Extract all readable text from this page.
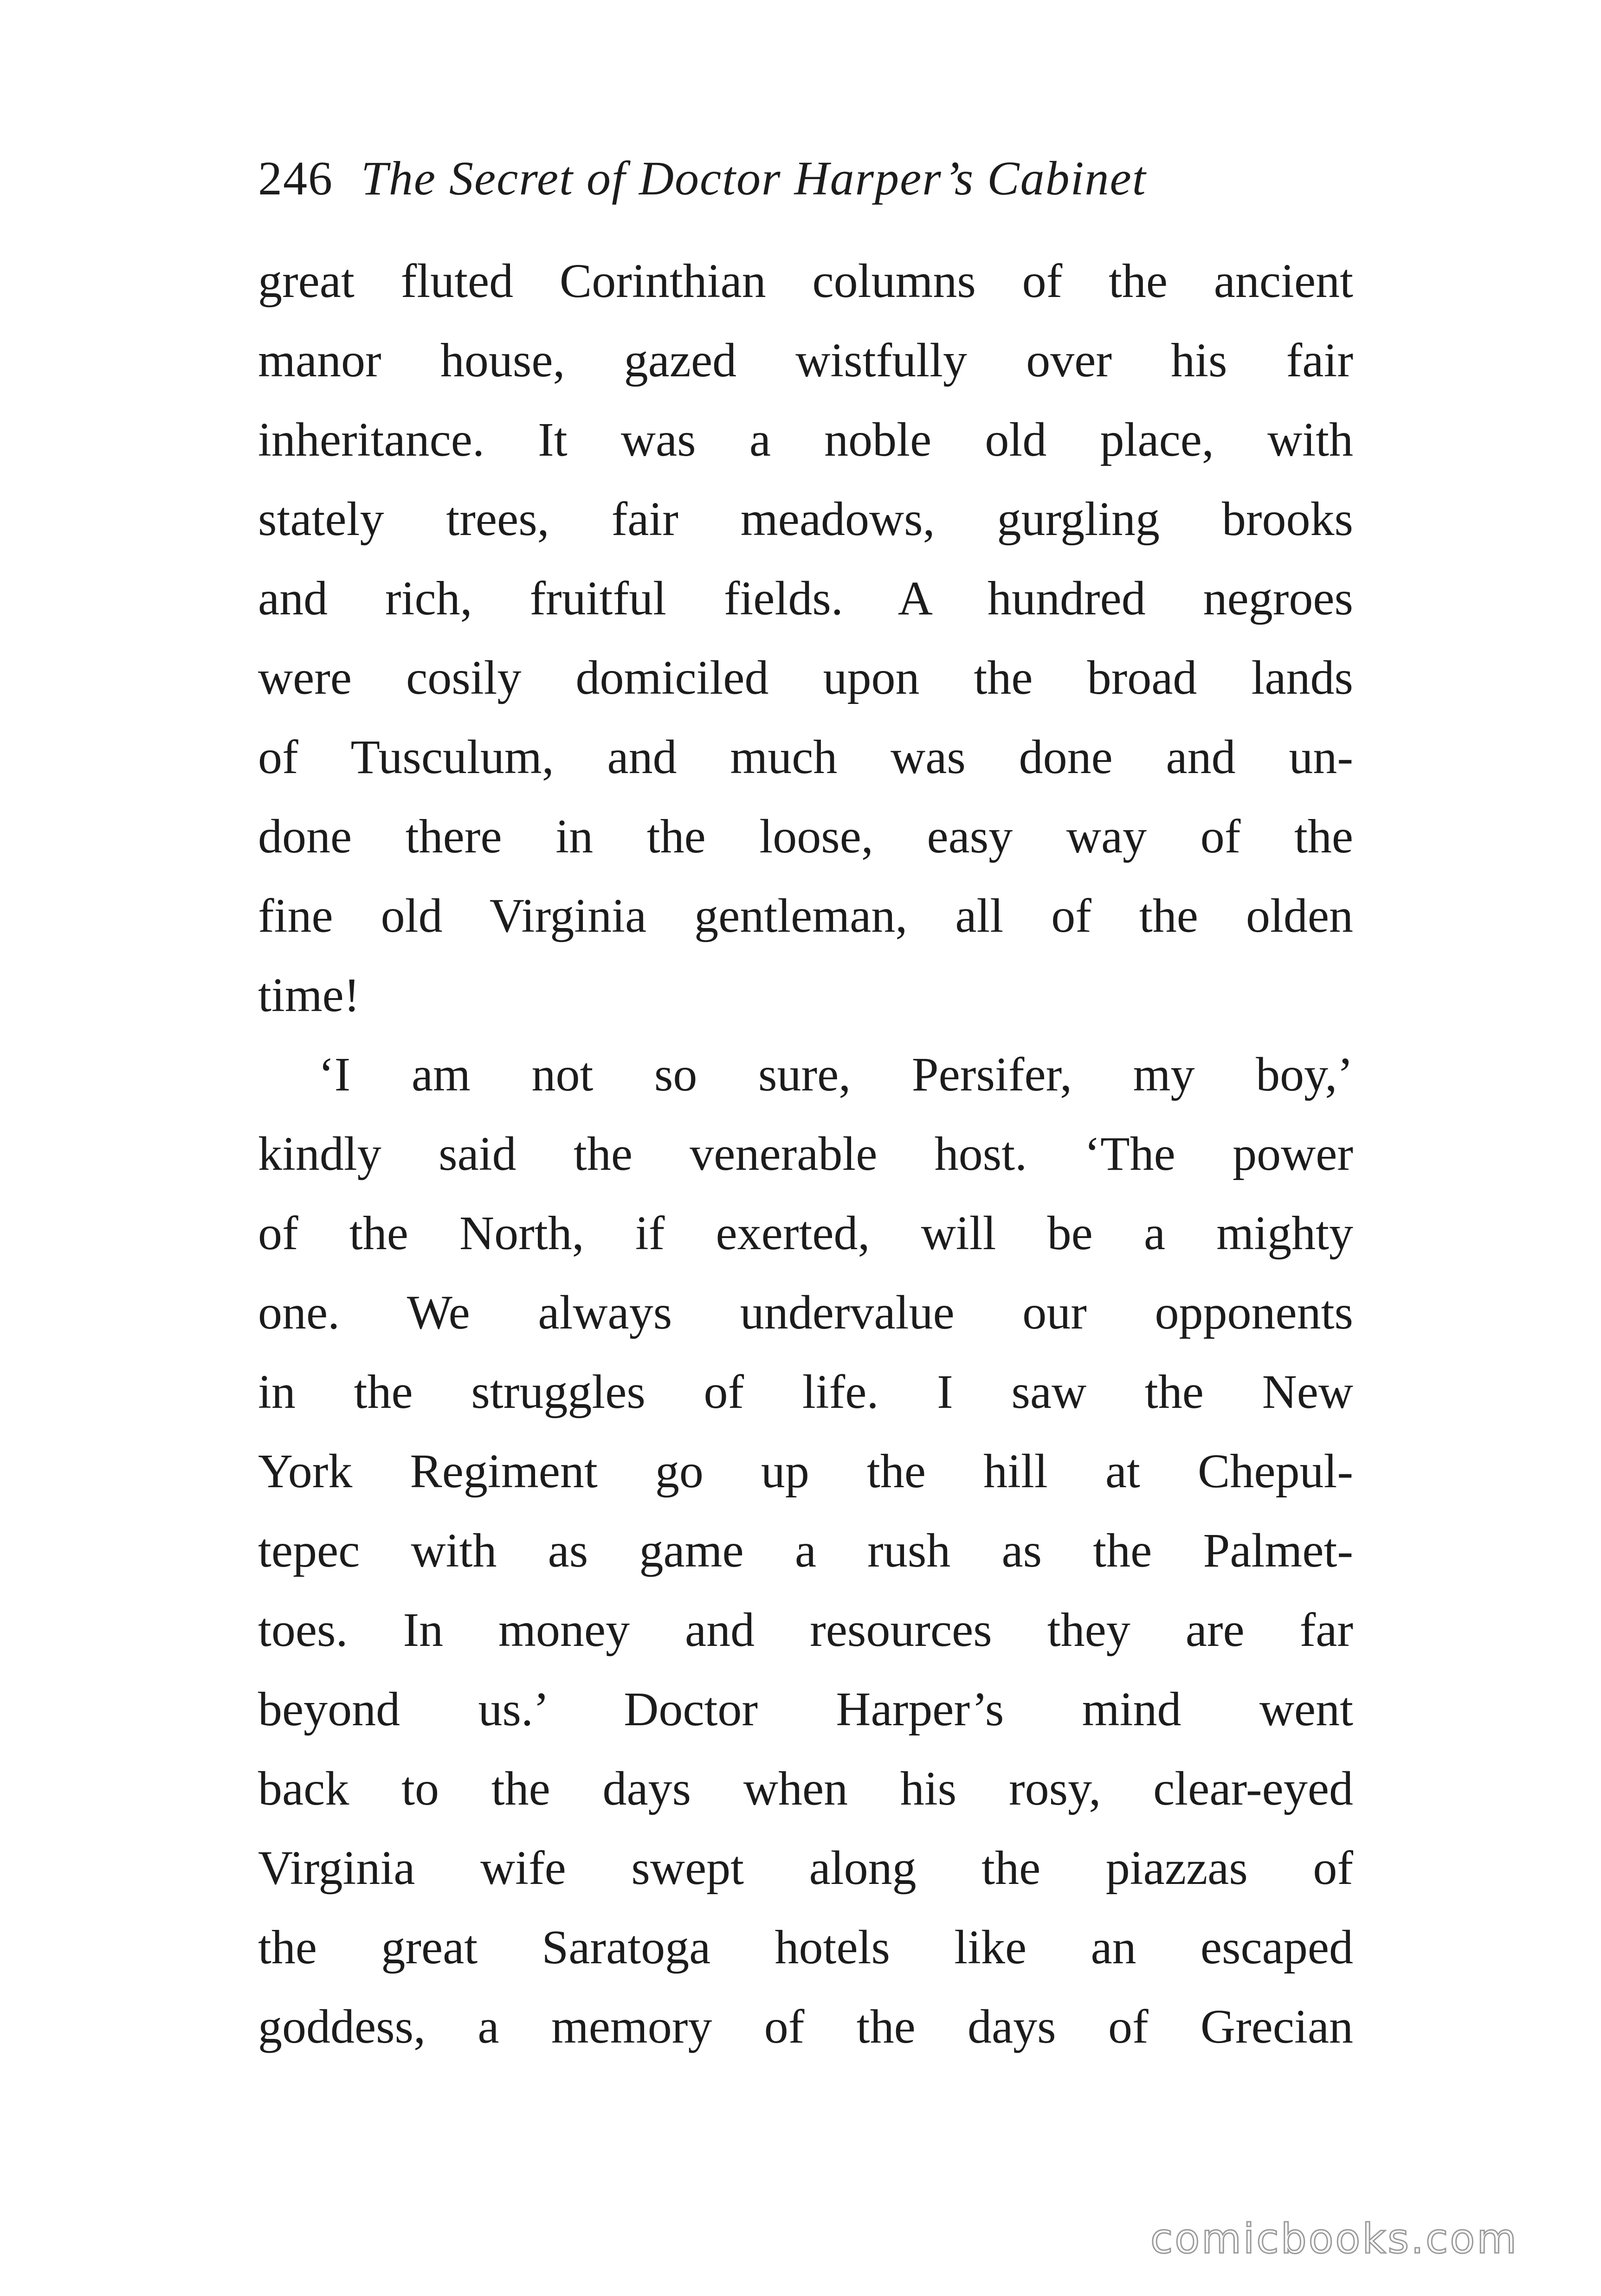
246 The Secret of Doctor Harper’s Cabinet
great fluted Corinthian columns of the ancient
manor house, gazed wistfully over his fair
inheritance. It was a noble old place, with
stately trees, fair meadows, gurgling brooks
and rich, fruitful fields. A hundred negroes
were cosily domiciled upon the broad lands
of Tusculum, and much was done and un-
done there in the loose, easy way of the
fine old Virginia gentleman, all of the olden
time!
‘I am not so sure, Persifer, my boy,’
kindly said the venerable host. ‘The power
of the North, if exerted, will be a mighty
one. We always undervalue our opponents
in the struggles of life. I saw the New
York Regiment go up the hill at Chepul-
tepec with as game a rush as the Palmet-
toes. In money and resources they are far
beyond us.’ Doctor Harper’s mind went
back to the days when his rosy, clear-eyed
Virginia wife swept along the piazzas of
the great Saratoga hotels like an escaped
goddess, a memory of the days of Grecian
comicbooks.com
